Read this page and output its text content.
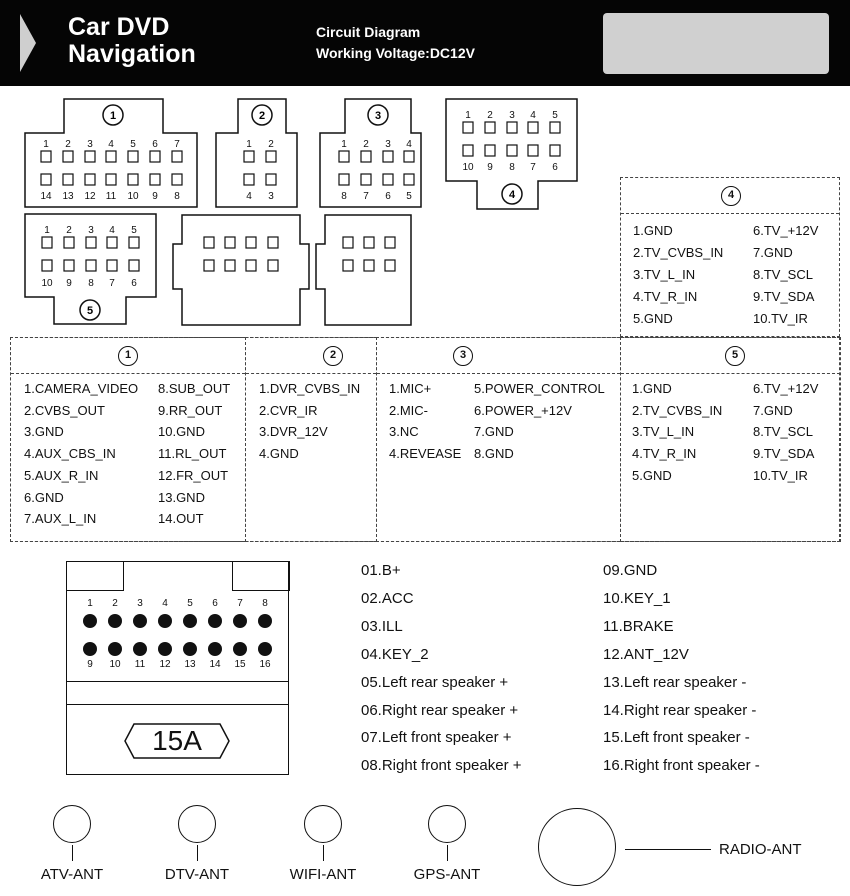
Car DVD
Navigation
Circuit Diagram
Working Voltage:DC12V
1
1 2 3 4 5 6 7
14 13 12 11 10 9 8
2
1 2
4 3
3
1 2 3 4
8 7 6 5	4
1 2 3 4 5
10 9 8 7 6
5
1 2 3 4 5
10 9 8 7 6
4
1.GND
2.TV_CVBS_IN
3.TV_L_IN
4.TV_R_IN
5.GND
6.TV_+12V
7.GND
8.TV_SCL
9.TV_SDA
10.TV_IR
1
1.CAMERA_VIDEO
2.CVBS_OUT
3.GND
4.AUX_CBS_IN
5.AUX_R_IN
6.GND
7.AUX_L_IN
8.SUB_OUT
9.RR_OUT
10.GND
11.RL_OUT
12.FR_OUT
13.GND
14.OUT
2
1.DVR_CVBS_IN
2.CVR_IR
3.DVR_12V
4.GND
3
1.MIC+
2.MIC-
3.NC
4.REVEASE
5.POWER_CONTROL
6.POWER_+12V
7.GND
8.GND
5
1.GND
2.TV_CVBS_IN
3.TV_L_IN
4.TV_R_IN
5.GND
6.TV_+12V
7.GND
8.TV_SCL
9.TV_SDA
10.TV_IR
1
9
2
10
3
11
4
12
5
13
6
14
7
15
8
16
15A
01.B+
02.ACC
03.ILL
04.KEY_2
05.Left rear speaker +
06.Right rear speaker +
07.Left front speaker +
08.Right front speaker +
09.GND
10.KEY_1
11.BRAKE
12.ANT_12V
13.Left rear speaker -
14.Right rear speaker -
15.Left front speaker -
16.Right front speaker -
ATV-ANT	DTV-ANT	WIFI-ANT	GPS-ANT
RADIO-ANT
